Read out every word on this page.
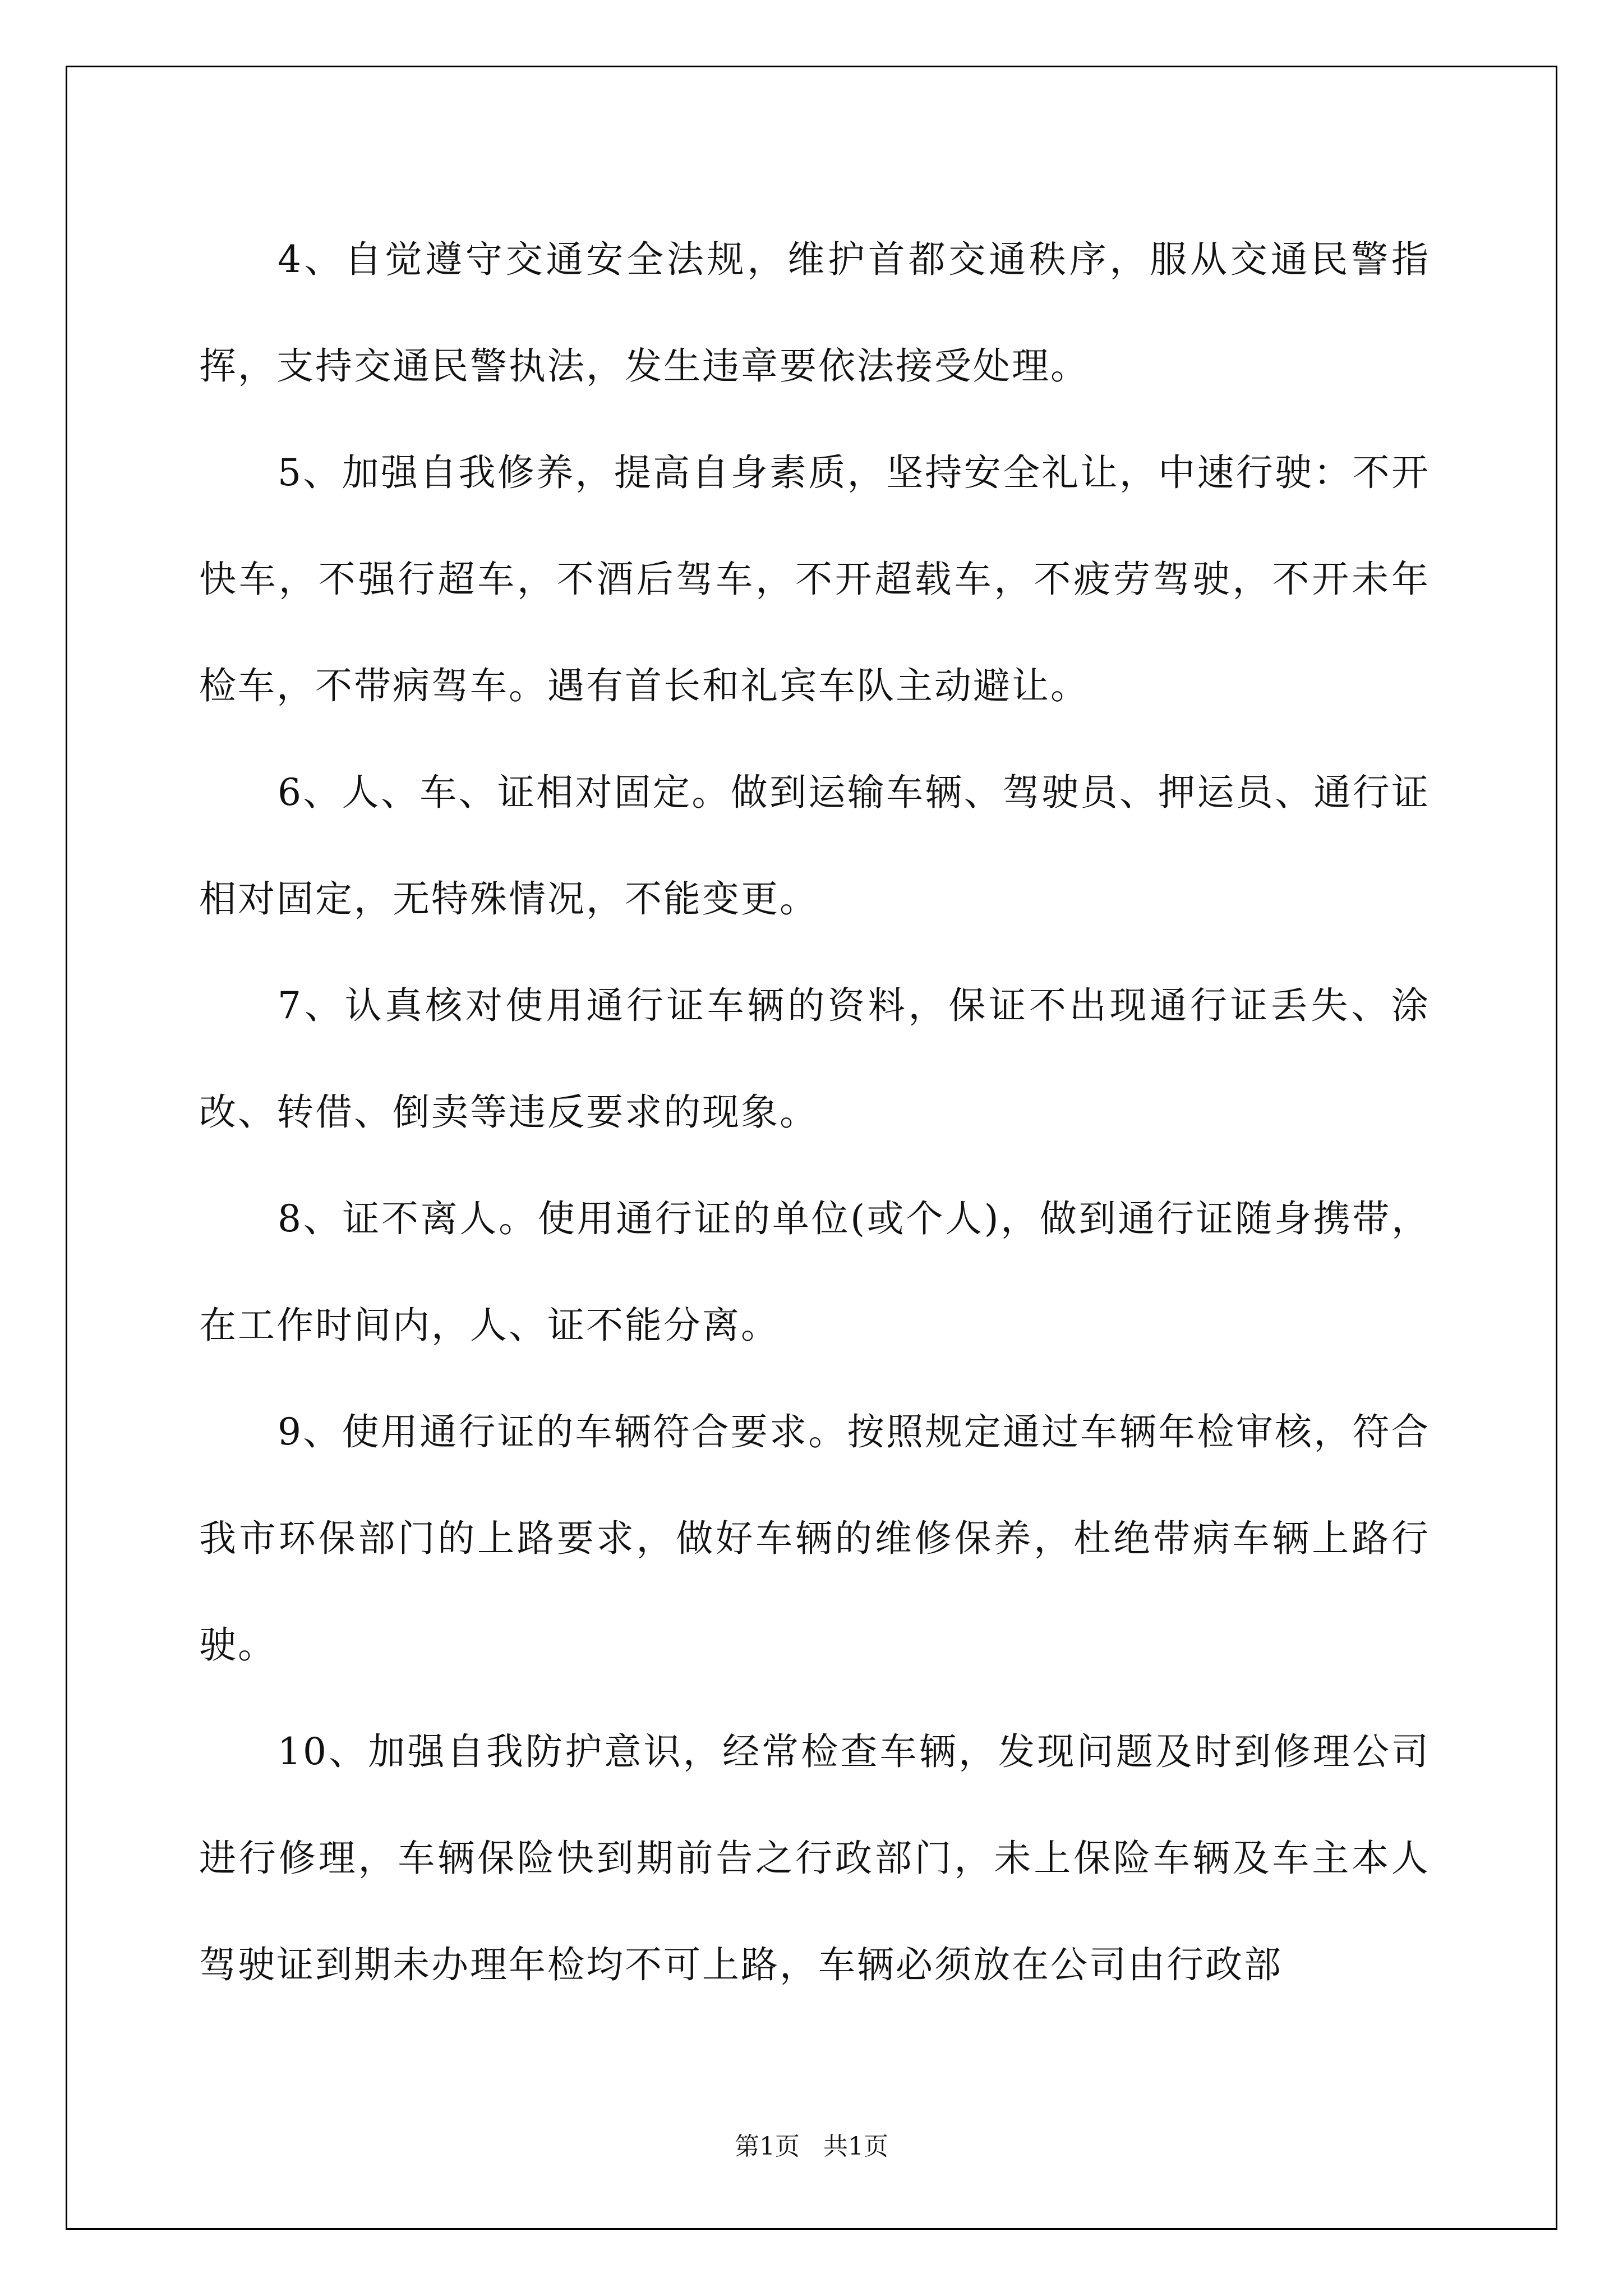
4、自觉遵守交通安全法规，维护首都交通秩序，服从交通民警指挥，支持交通民警执法，发生违章要依法接受处理。

5、加强自我修养，提高自身素质，坚持安全礼让，中速行驶：不开快车，不强行超车，不酒后驾车，不开超载车，不疲劳驾驶，不开未年检车，不带病驾车。遇有首长和礼宾车队主动避让。

6、人、车、证相对固定。做到运输车辆、驾驶员、押运员、通行证相对固定，无特殊情况，不能变更。

7、认真核对使用通行证车辆的资料，保证不出现通行证丢失、涂改、转借、倒卖等违反要求的现象。

8、证不离人。使用通行证的单位(或个人)，做到通行证随身携带，在工作时间内，人、证不能分离。

9、使用通行证的车辆符合要求。按照规定通过车辆年检审核，符合我市环保部门的上路要求，做好车辆的维修保养，杜绝带病车辆上路行驶。

10、加强自我防护意识，经常检查车辆，发现问题及时到修理公司进行修理，车辆保险快到期前告之行政部门，未上保险车辆及车主本人驾驶证到期未办理年检均不可上路，车辆必须放在公司由行政部

第1页   共1页
